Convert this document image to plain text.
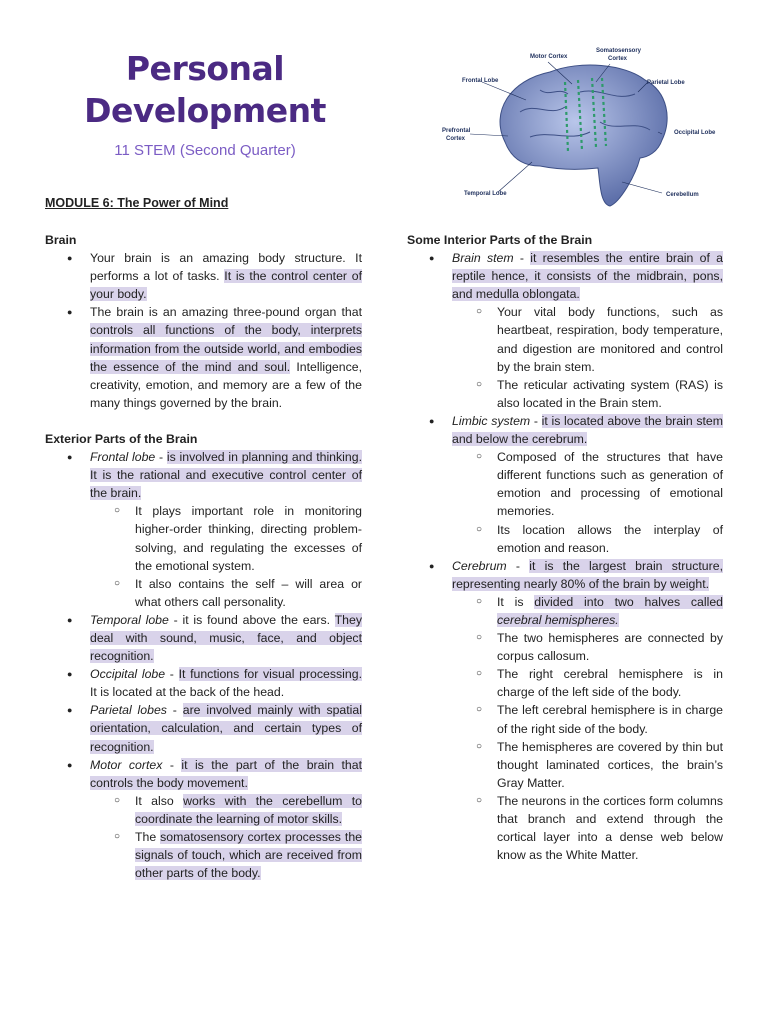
Personal
Development
11 STEM (Second Quarter)
Motor Cortex
Somatosensory
Cortex
Frontal Lobe	Parietal Lobe
Prefrontal
Cortex
Occipital Lobe
Temporal Lobe	Cerebellum
MODULE 6: The Power of Mind
Brain
● Your brain is an amazing body structure. It performs a lot of tasks. It is the control center of your body.
● The brain is an amazing three-pound organ that controls all functions of the body, interprets information from the outside world, and embodies the essence of the mind and soul. Intelligence, creativity, emotion, and memory are a few of the many things governed by the brain.
Exterior Parts of the Brain
● Frontal lobe - is involved in planning and thinking. It is the rational and executive control center of the brain.
○ It plays important role in monitoring higher-order thinking, directing problem-solving, and regulating the excesses of the emotional system.
○ It also contains the self – will area or what others call personality.
● Temporal lobe - it is found above the ears. They deal with sound, music, face, and object recognition.
● Occipital lobe - It functions for visual processing. It is located at the back of the head.
● Parietal lobes - are involved mainly with spatial orientation, calculation, and certain types of recognition.
● Motor cortex - it is the part of the brain that controls the body movement.
○ It also works with the cerebellum to coordinate the learning of motor skills.
○ The somatosensory cortex processes the signals of touch, which are received from other parts of the body.
Some Interior Parts of the Brain
● Brain stem - it resembles the entire brain of a reptile hence, it consists of the midbrain, pons, and medulla oblongata.
○ Your vital body functions, such as heartbeat, respiration, body temperature, and digestion are monitored and control by the brain stem.
○ The reticular activating system (RAS) is also located in the Brain stem.
● Limbic system - it is located above the brain stem and below the cerebrum.
○ Composed of the structures that have different functions such as generation of emotion and processing of emotional memories.
○ Its location allows the interplay of emotion and reason.
● Cerebrum - it is the largest brain structure, representing nearly 80% of the brain by weight.
○ It is divided into two halves called cerebral hemispheres.
○ The two hemispheres are connected by corpus callosum.
○ The right cerebral hemisphere is in charge of the left side of the body.
○ The left cerebral hemisphere is in charge of the right side of the body.
○ The hemispheres are covered by thin but thought laminated cortices, the brain’s Gray Matter.
○ The neurons in the cortices form columns that branch and extend through the cortical layer into a dense web below know as the White Matter.
